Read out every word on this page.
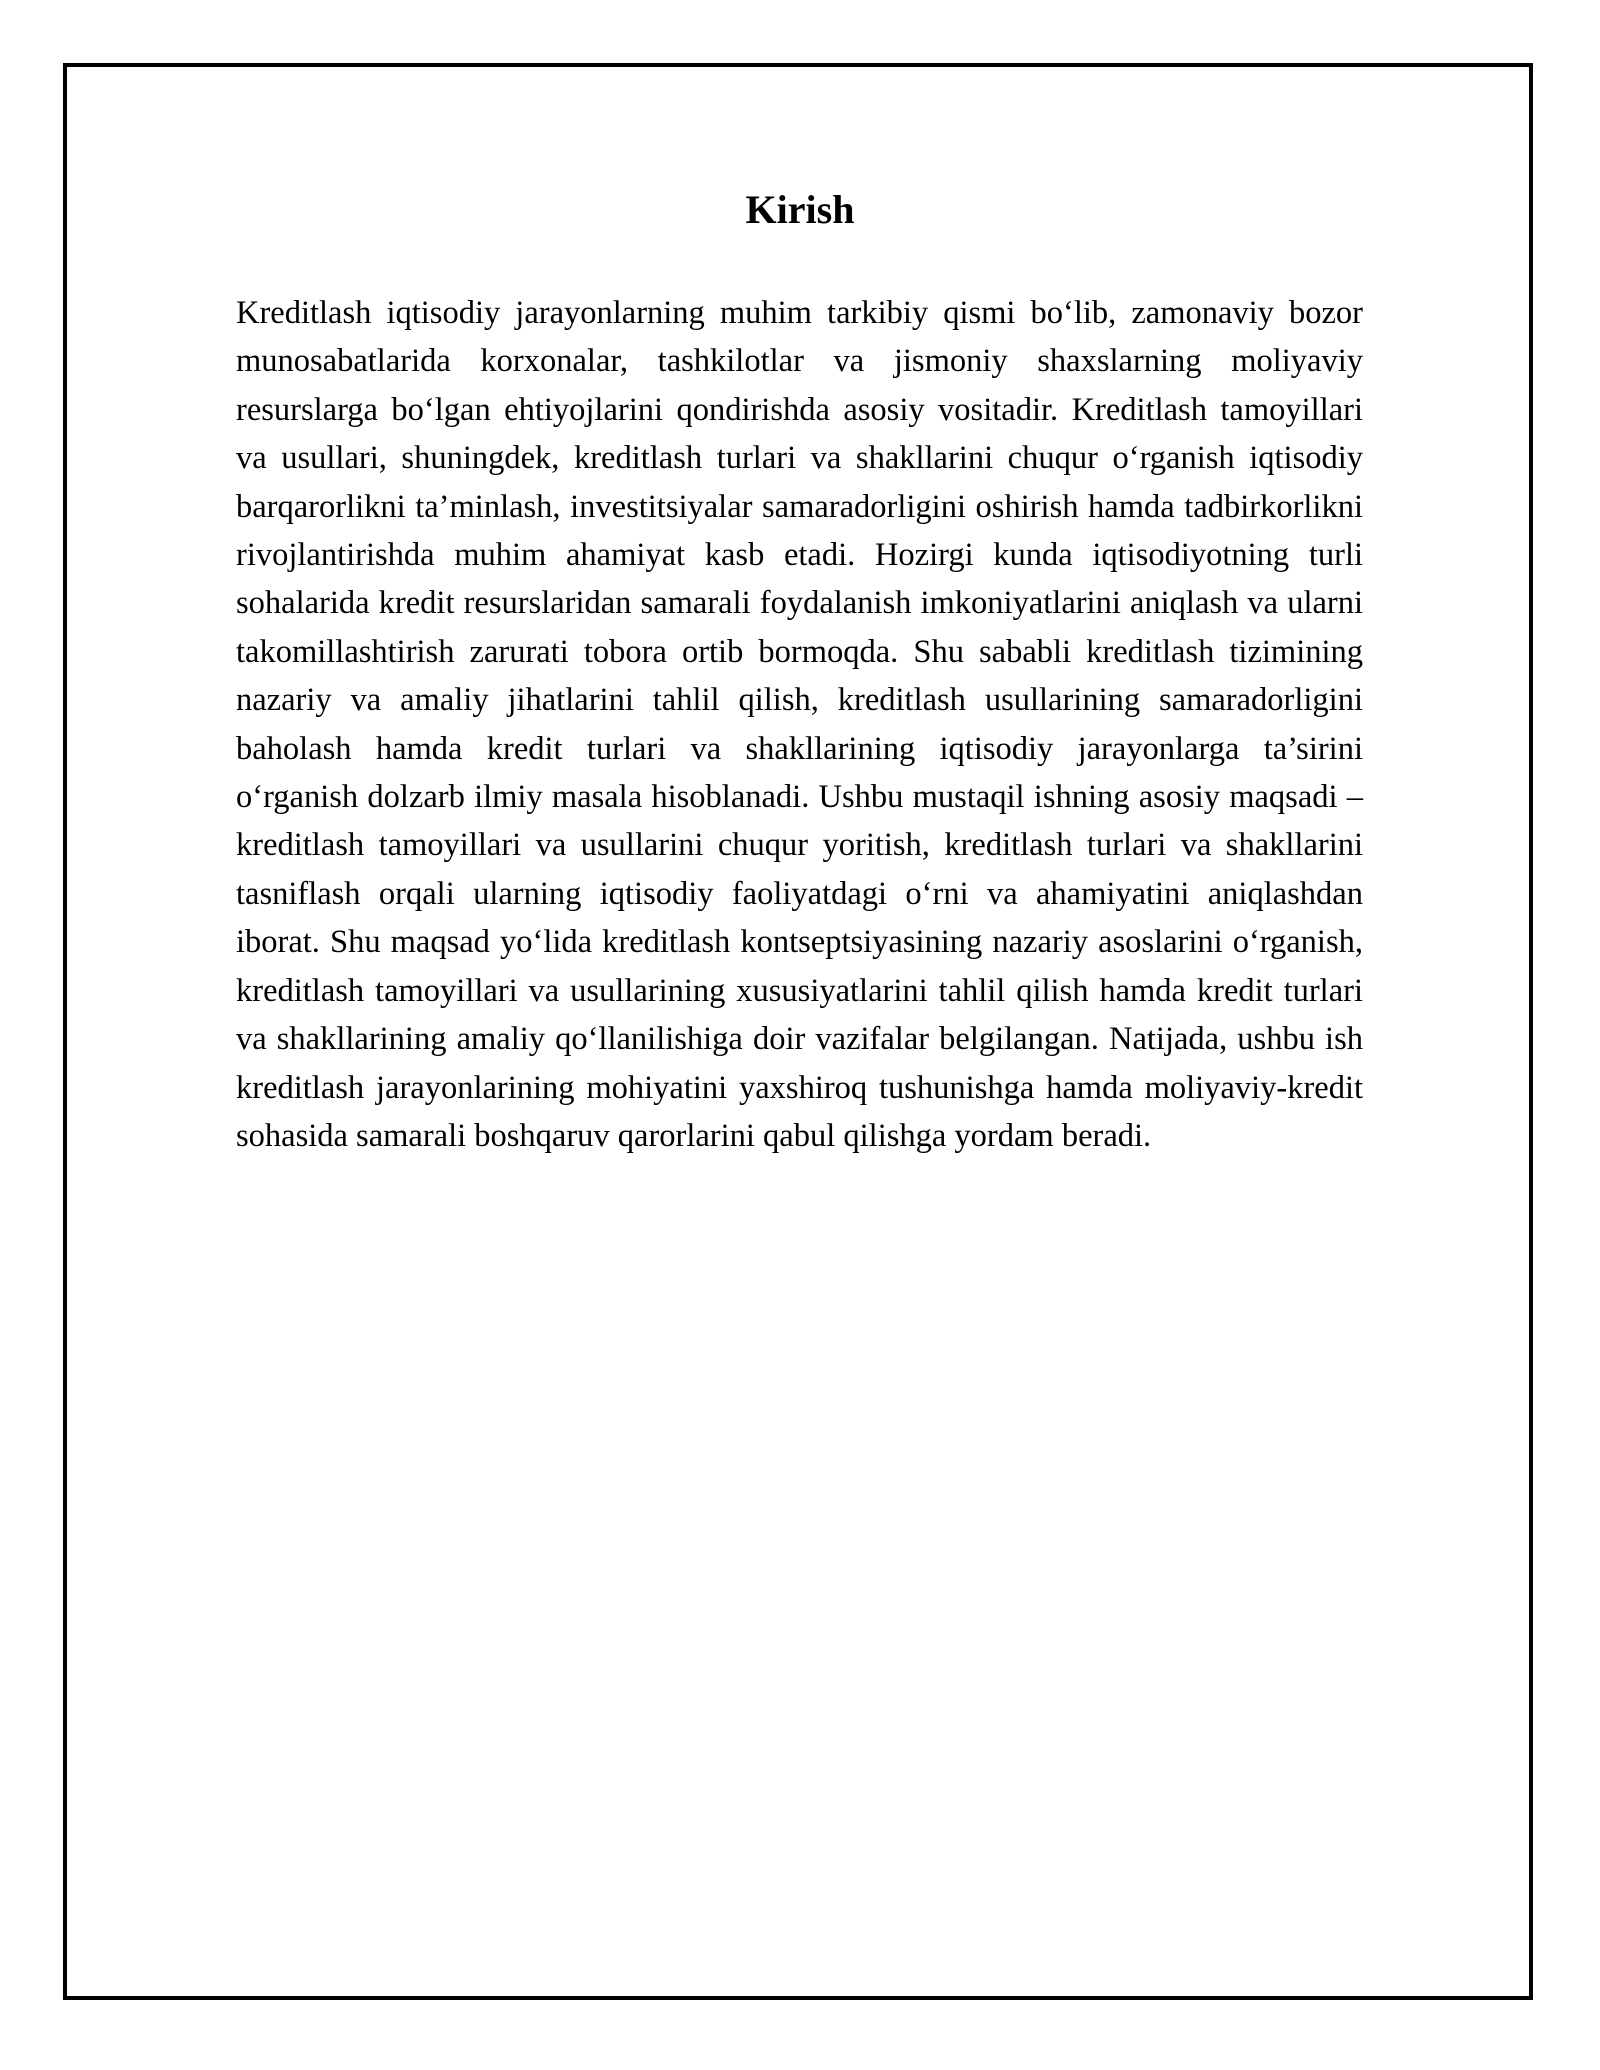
Kirish

Kreditlash iqtisodiy jarayonlarning muhim tarkibiy qismi bo‘lib, zamonaviy bozor munosabatlarida korxonalar, tashkilotlar va jismoniy shaxslarning moliyaviy resurslarga bo‘lgan ehtiyojlarini qondirishda asosiy vositadir. Kreditlash tamoyillari va usullari, shuningdek, kreditlash turlari va shakllarini chuqur o‘rganish iqtisodiy barqarorlikni ta’minlash, investitsiyalar samaradorligini oshirish hamda tadbirkorlikni rivojlantirishda muhim ahamiyat kasb etadi. Hozirgi kunda iqtisodiyotning turli sohalarida kredit resurslaridan samarali foydalanish imkoniyatlarini aniqlash va ularni takomillashtirish zarurati tobora ortib bormoqda. Shu sababli kreditlash tizimining nazariy va amaliy jihatlarini tahlil qilish, kreditlash usullarining samaradorligini baholash hamda kredit turlari va shakllarining iqtisodiy jarayonlarga ta’sirini o‘rganish dolzarb ilmiy masala hisoblanadi. Ushbu mustaqil ishning asosiy maqsadi – kreditlash tamoyillari va usullarini chuqur yoritish, kreditlash turlari va shakllarini tasniflash orqali ularning iqtisodiy faoliyatdagi o‘rni va ahamiyatini aniqlashdan iborat. Shu maqsad yo‘lida kreditlash kontseptsiyasining nazariy asoslarini o‘rganish, kreditlash tamoyillari va usullarining xususiyatlarini tahlil qilish hamda kredit turlari va shakllarining amaliy qo‘llanilishiga doir vazifalar belgilangan. Natijada, ushbu ish kreditlash jarayonlarining mohiyatini yaxshiroq tushunishga hamda moliyaviy-kredit sohasida samarali boshqaruv qarorlarini qabul qilishga yordam beradi.
